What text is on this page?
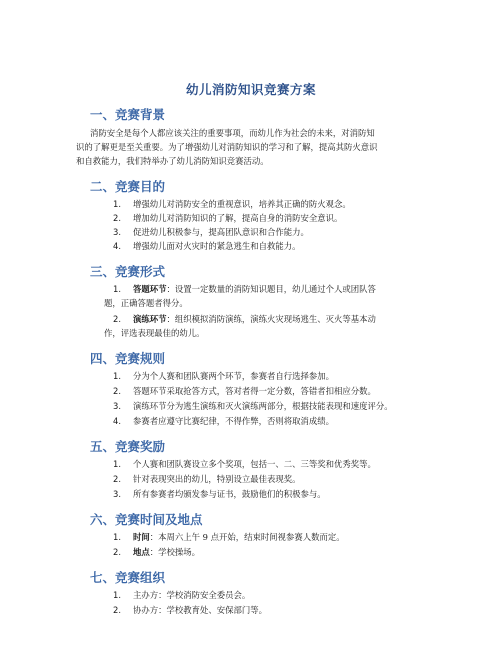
幼儿消防知识竞赛方案
一、竞赛背景
消防安全是每个人都应该关注的重要事项，而幼儿作为社会的未来，对消防知
识的了解更是至关重要。为了增强幼儿对消防知识的学习和了解，提高其防火意识
和自救能力，我们特举办了幼儿消防知识竞赛活动。
二、竞赛目的
1. 增强幼儿对消防安全的重视意识，培养其正确的防火观念。
2. 增加幼儿对消防知识的了解，提高自身的消防安全意识。
3. 促进幼儿积极参与，提高团队意识和合作能力。
4. 增强幼儿面对火灾时的紧急逃生和自救能力。
三、竞赛形式
1. 答题环节：设置一定数量的消防知识题目，幼儿通过个人或团队答
题，正确答题者得分。
2. 演练环节：组织模拟消防演练，演练火灾现场逃生、灭火等基本动
作，评选表现最佳的幼儿。
四、竞赛规则
1. 分为个人赛和团队赛两个环节，参赛者自行选择参加。
2. 答题环节采取抢答方式，答对者得一定分数，答错者扣相应分数。
3. 演练环节分为逃生演练和灭火演练两部分，根据技能表现和速度评分。
4. 参赛者应遵守比赛纪律，不得作弊，否则将取消成绩。
五、竞赛奖励
1. 个人赛和团队赛设立多个奖项，包括一、二、三等奖和优秀奖等。
2. 针对表现突出的幼儿，特别设立最佳表现奖。
3. 所有参赛者均颁发参与证书，鼓励他们的积极参与。
六、竞赛时间及地点
1. 时间：本周六上午 9 点开始，结束时间视参赛人数而定。
2. 地点：学校操场。
七、竞赛组织
1. 主办方：学校消防安全委员会。
2. 协办方：学校教育处、安保部门等。
